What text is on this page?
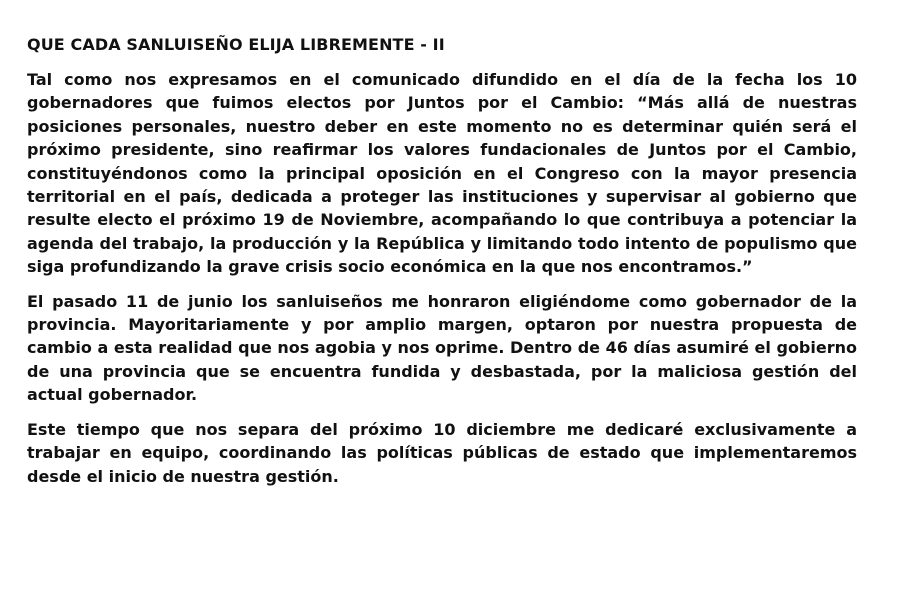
QUE CADA SANLUISEÑO ELIJA LIBREMENTE - II

Tal como nos expresamos en el comunicado difundido en el día de la fecha los 10 gobernadores que fuimos electos por Juntos por el Cambio: “Más allá de nuestras posiciones personales, nuestro deber en este momento no es determinar quién será el próximo presidente, sino reafirmar los valores fundacionales de Juntos por el Cambio, constituyéndonos como la principal oposición en el Congreso con la mayor presencia territorial en el país, dedicada a proteger las instituciones y supervisar al gobierno que resulte electo el próximo 19 de Noviembre, acompañando lo que contribuya a potenciar la agenda del trabajo, la producción y la República y limitando todo intento de populismo que siga profundizando la grave crisis socio económica en la que nos encontramos.”

El pasado 11 de junio los sanluiseños me honraron eligiéndome como gobernador de la provincia. Mayoritariamente y por amplio margen, optaron por nuestra propuesta de cambio a esta realidad que nos agobia y nos oprime. Dentro de 46 días asumiré el gobierno de una provincia que se encuentra fundida y desbastada, por la maliciosa gestión del actual gobernador.

Este tiempo que nos separa del próximo 10 diciembre me dedicaré exclusivamente a trabajar en equipo, coordinando las políticas públicas de estado que implementaremos desde el inicio de nuestra gestión.
